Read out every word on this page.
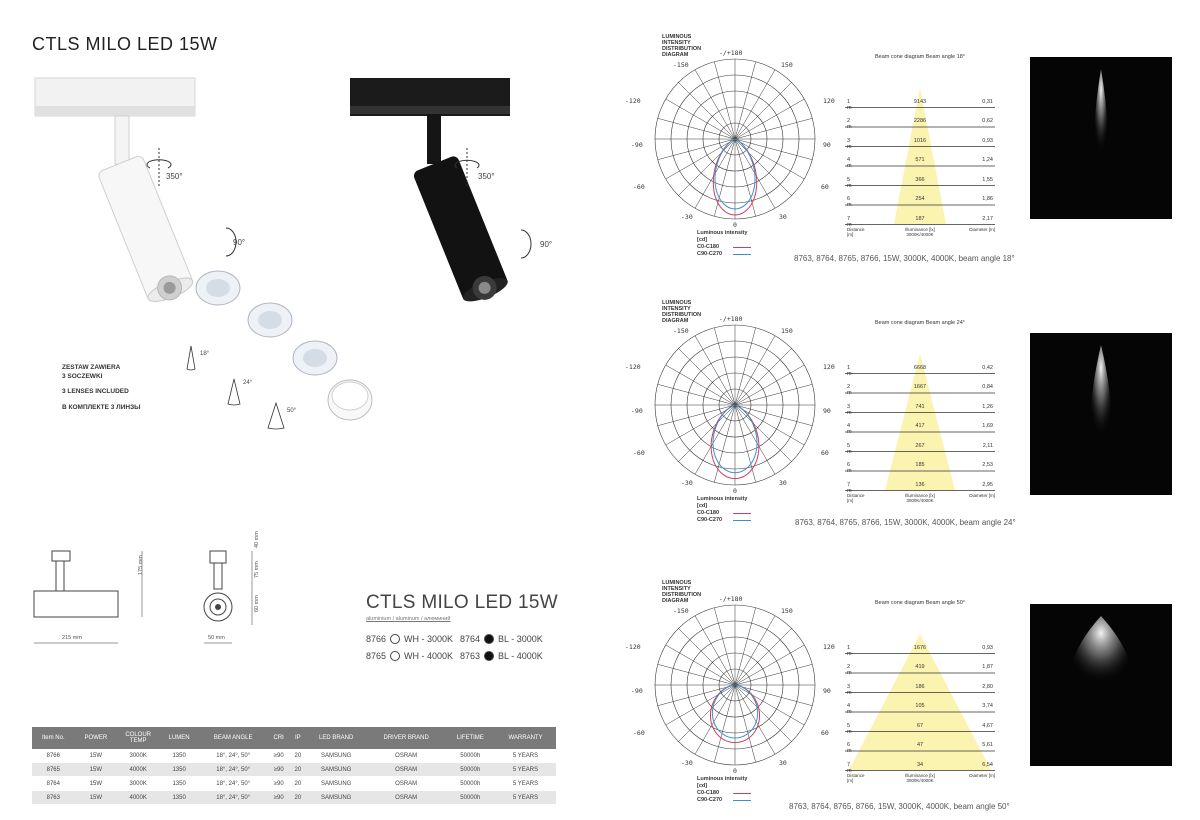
CTLS MILO LED 15W
350°
90°
350°
90°
18°
24°
50°
ZESTAW ZAWIERA
3 SOCZEWKI
3 LENSES INCLUDED
В КОМПЛЕКТЕ 3 ЛИНЗЫ
215 mm
175 mm
50 mm
75 mm
40 mm
60 mm	CTLS MILO LED 15W
aluminium / aluminum / алюминий
8766 WH - 3000K 8764 BL - 3000K
8765 WH - 4000K 8763 BL - 4000K
Item No.	POWER	COLOUR TEMP	LUMEN	BEAM ANGLE	CRI	IP	LED BRAND	DRIVER BRAND	LIFETIME	WARRANTY
8766	15W	3000K	1350	18°, 24°, 50°	≥90	20	SAMSUNG	OSRAM	50000h	5 YEARS
8765	15W	4000K	1350	18°, 24°, 50°	≥90	20	SAMSUNG	OSRAM	50000h	5 YEARS
8764	15W	3000K	1350	18°, 24°, 50°	≥90	20	SAMSUNG	OSRAM	50000h	5 YEARS
8763	15W	4000K	1350	18°, 24°, 50°	≥90	20	SAMSUNG	OSRAM	50000h	5 YEARS
LUMINOUS INTENSITY DISTRIBUTION DIAGRAM	-/+180
-150	150
-120	120
-90	90
-60	60
-30	30
0
Luminous intensity [cd]
C0-C180
C90-C270
Beam cone diagram Beam angle 18°
1 m
9143	0,31
2 m
2286	0,62
3 m
1016	0,93
4 m
571	1,24
5 m
366	1,55
6 m
254	1,86
7 m
187	2,17
Distance [m]
Illuminance [lx] 3000K/4000K
Diameter [m]
8763, 8764, 8765, 8766, 15W, 3000K, 4000K, beam angle 18°
LUMINOUS INTENSITY DISTRIBUTION DIAGRAM	-/+180
-150	150
-120	120
-90	90
-60	60
-30	30
0
Luminous intensity [cd]
C0-C180
C90-C270
Beam cone diagram Beam angle 24°
1 m
6668	0,42
2 m
1667	0,84
3 m
741	1,26
4 m
417	1,69
5 m
267	2,11
6 m
185	2,53
7 m
136	2,95
Distance [m]
Illuminance [lx] 3000K/4000K
Diameter [m]
8763, 8764, 8765, 8766, 15W, 3000K, 4000K, beam angle 24°
LUMINOUS INTENSITY DISTRIBUTION DIAGRAM	-/+180
-150	150
-120	120
-90	90
-60	60
-30	30
0
Luminous intensity [cd]
C0-C180
C90-C270
Beam cone diagram Beam angle 50°
1 m
1676	0,93
2 m
419	1,87
3 m
186	2,80
4 m
105	3,74
5 m
67	4,67
6 m
47	5,61
7 m
34	6,54
Distance [m]
Illuminance [lx] 3000K/4000K
Diameter [m]
8763, 8764, 8765, 8766, 15W, 3000K, 4000K, beam angle 50°
